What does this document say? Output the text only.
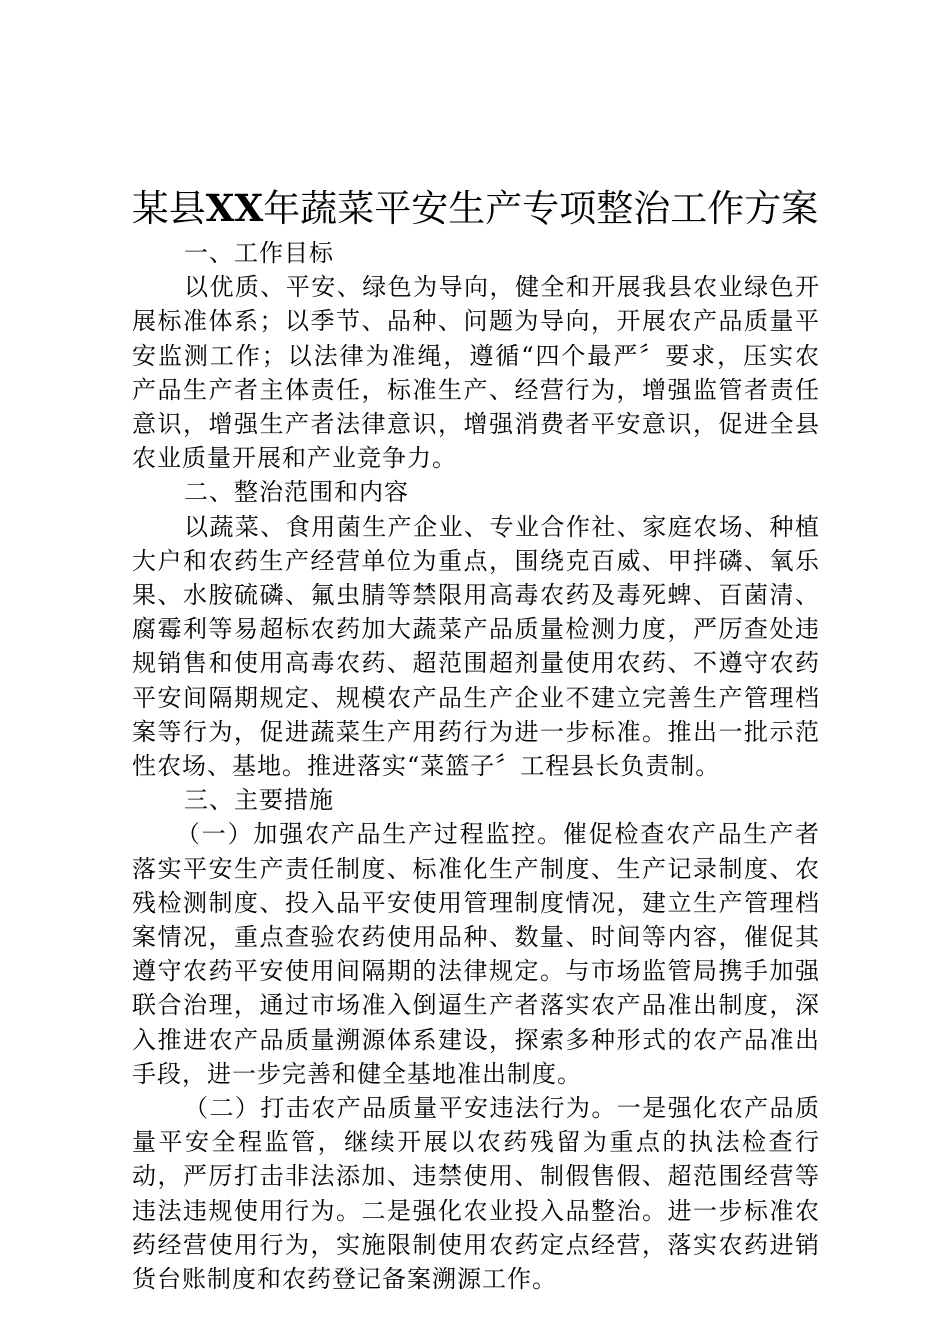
某县XX年蔬菜平安生产专项整治工作方案

一、工作目标

以优质、平安、绿色为导向，健全和开展我县农业绿色开展标准体系；以季节、品种、问题为导向，开展农产品质量平安监测工作；以法律为准绳，遵循“四个最严〞要求，压实农产品生产者主体责任，标准生产、经营行为，增强监管者责任意识，增强生产者法律意识，增强消费者平安意识，促进全县农业质量开展和产业竞争力。

二、整治范围和内容

以蔬菜、食用菌生产企业、专业合作社、家庭农场、种植大户和农药生产经营单位为重点，围绕克百威、甲拌磷、氧乐果、水胺硫磷、氟虫腈等禁限用高毒农药及毒死蜱、百菌清、腐霉利等易超标农药加大蔬菜产品质量检测力度，严厉查处违规销售和使用高毒农药、超范围超剂量使用农药、不遵守农药平安间隔期规定、规模农产品生产企业不建立完善生产管理档案等行为，促进蔬菜生产用药行为进一步标准。推出一批示范性农场、基地。推进落实“菜篮子〞工程县长负责制。

三、主要措施

（一）加强农产品生产过程监控。催促检查农产品生产者落实平安生产责任制度、标准化生产制度、生产记录制度、农残检测制度、投入品平安使用管理制度情况，建立生产管理档案情况，重点查验农药使用品种、数量、时间等内容，催促其遵守农药平安使用间隔期的法律规定。与市场监管局携手加强联合治理，通过市场准入倒逼生产者落实农产品准出制度，深入推进农产品质量溯源体系建设，探索多种形式的农产品准出手段，进一步完善和健全基地准出制度。

（二）打击农产品质量平安违法行为。一是强化农产品质量平安全程监管，继续开展以农药残留为重点的执法检查行动，严厉打击非法添加、违禁使用、制假售假、超范围经营等违法违规使用行为。二是强化农业投入品整治。进一步标准农药经营使用行为，实施限制使用农药定点经营，落实农药进销货台账制度和农药登记备案溯源工作。
